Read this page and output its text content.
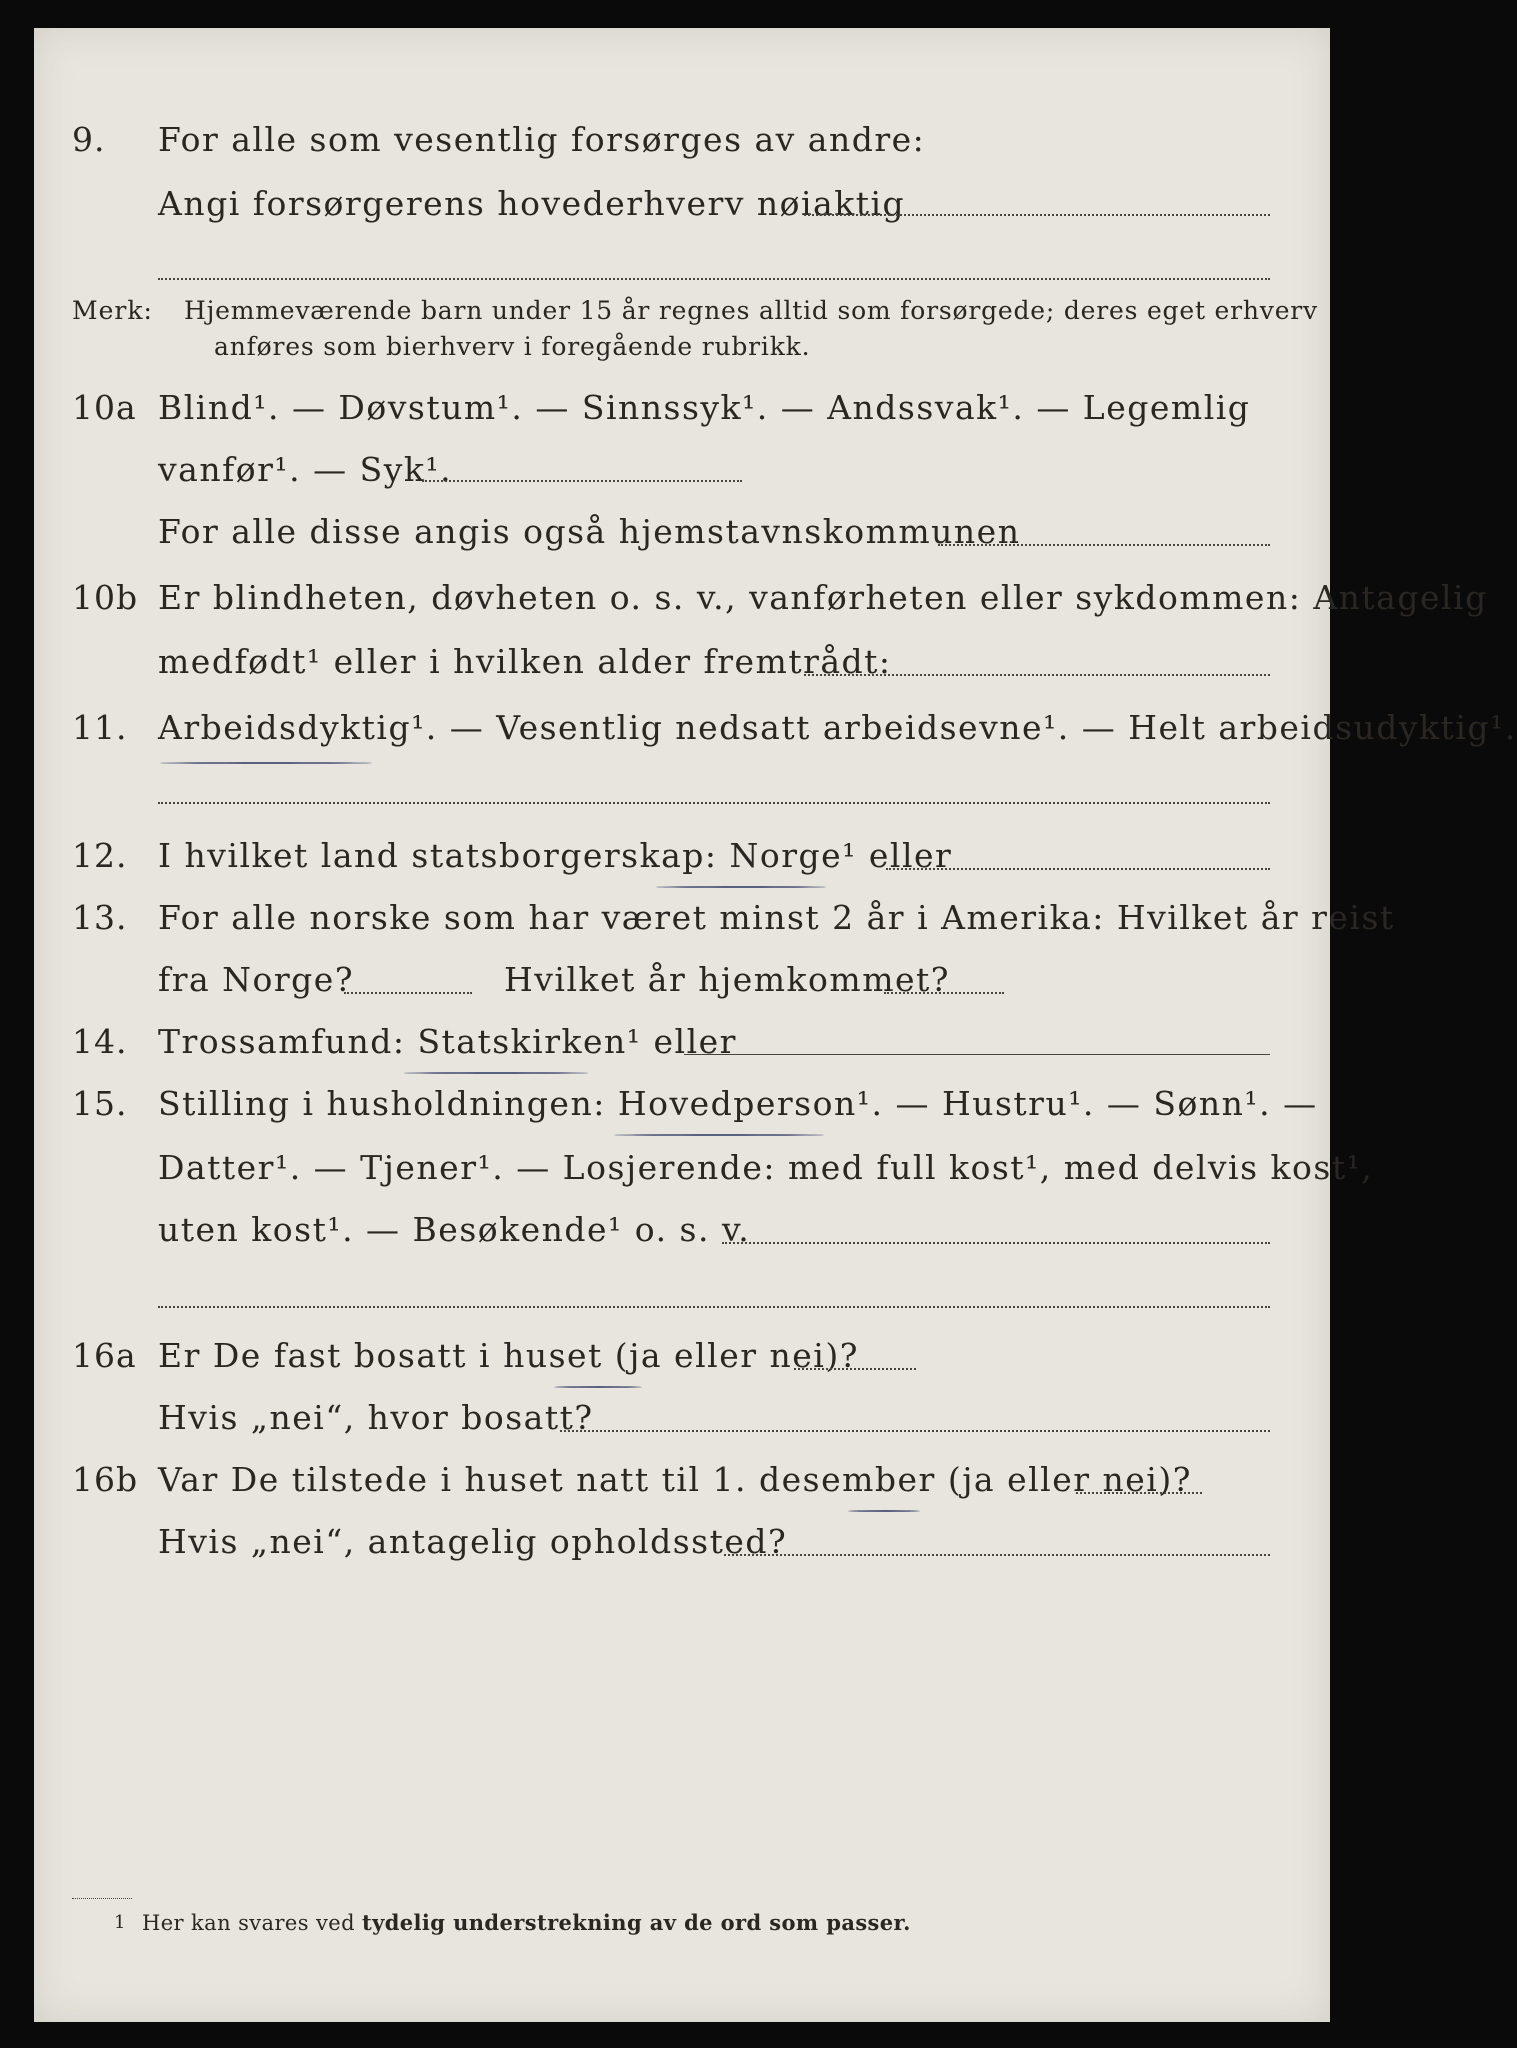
9. For alle som vesentlig forsørges av andre:
Angi forsørgerens hovederhverv nøiaktig
Merk: Hjemmeværende barn under 15 år regnes alltid som forsørgede; deres eget erhverv
anføres som bierhverv i foregående rubrikk.
10a Blind¹. — Døvstum¹. — Sinnssyk¹. — Andssvak¹. — Legemlig
vanfør¹. — Syk¹.
For alle disse angis også hjemstavnskommunen
10b Er blindheten, døvheten o. s. v., vanførheten eller sykdommen: Antagelig
medfødt¹ eller i hvilken alder fremtrådt:
11. Arbeidsdyktig¹. — Vesentlig nedsatt arbeidsevne¹. — Helt arbeidsudyktig¹.
12. I hvilket land statsborgerskap: Norge¹ eller
13. For alle norske som har været minst 2 år i Amerika: Hvilket år reist
fra Norge?	Hvilket år hjemkommet?
14. Trossamfund: Statskirken¹ eller
15. Stilling i husholdningen: Hovedperson¹. — Hustru¹. — Sønn¹. —
Datter¹. — Tjener¹. — Losjerende: med full kost¹, med delvis kost¹,
uten kost¹. — Besøkende¹ o. s. v.
16a Er De fast bosatt i huset (ja eller nei)?
Hvis „nei“, hvor bosatt?
16b Var De tilstede i huset natt til 1. desember (ja eller nei)?
Hvis „nei“, antagelig opholdssted?
1 Her kan svares ved tydelig understrekning av de ord som passer.
